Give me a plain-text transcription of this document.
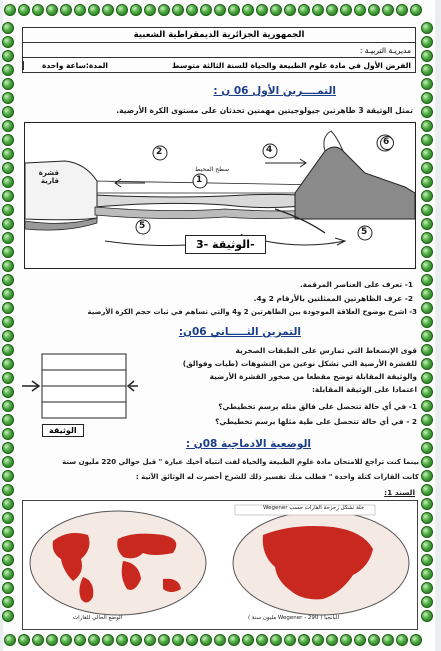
الجمهورية الجزائرية الديمقراطية الشعبية
مديريـة التربيـة :
الفرض الأول في مادة علوم الطبيعة والحياة للسنة الثالثة متوسط
المدة:ساعة واحدة
التمــــرين الأول 06 ن :
تمثل الوثيقة 3 ظاهرتين جيولوجيتين مهمتين تحدثان على مستوى الكرة الأرضية.
2
1
4
5
5
6
قشرة قارية
سطح المحيط
الوثيقة -3-
1- تعرف على العناصر المرقمة.
2- عرف الظاهرتين الممثلتين بالأرقام 2 و4.
3- اشرح بوضوح العلاقة الموجودة بين الظاهرتين 2 و4 والتي تساهم في ثبات حجم الكرة الأرضية
التمرين الثـــــاني 06ن:
قوى الإنضغاط التي تمارس على الطبقات الصخرية
للقشرة الأرضية التي تشكل نوعين من التشوهات (طيات وفوالق)
والوثيقة المقابلة توضح مقطعا من صخور القشرة الأرضية
اعتمادا على الوثيقة المقابلة:
1- في أي حالة تتحصل على فالق مثله برسم تخطيطي؟
2 - في أي حالة تتحصل على طية مثلها برسم تخطيطي؟
الوثيقة
الوضعية الادماجية 08ن :
بينما كنت تراجع للامتحان مادة علوم الطبيعة والحياة لفت انتباه أخيك عبارة " قبل حوالي 220 مليون سنة
كانت القارات كتلة واحدة " فطلب منك تفسير ذلك للشرح أحضرت له الوثائق الآتية :
السند 1:
خلة تشكل زحزحة القارات حسب Wegener
الوضع الحالي للقارات	البانجيا ( Wegener - 290 مليون سنة )
